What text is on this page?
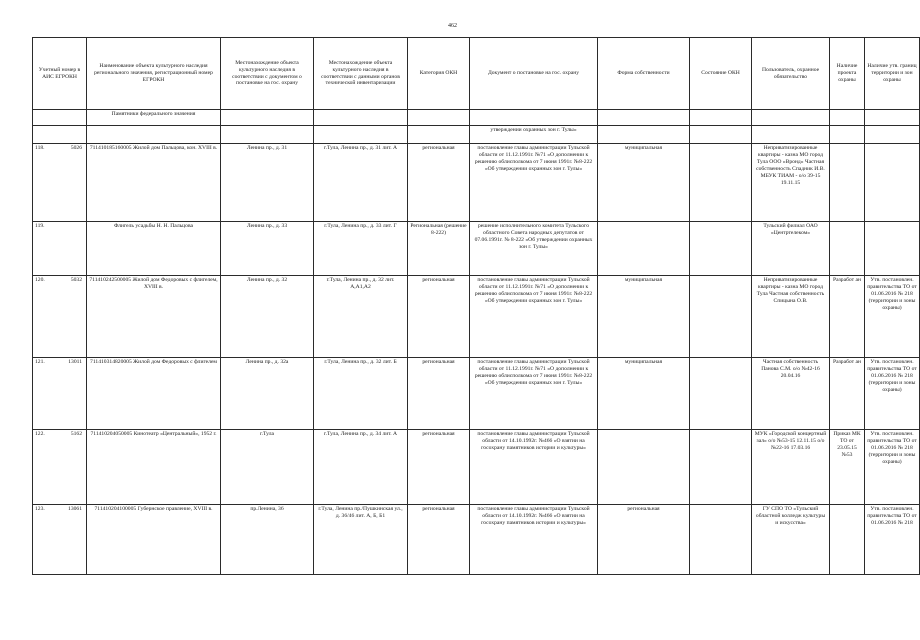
462
Учетный номер в АИС ЕГРОКН	Наименование объекта культурного наследия регионального значения, регистрационный номер ЕГРОКН	Местонахождение объекта культурного наследия в соответствии с документом о постановке на гос. охрану	Местонахождение объекта культурного наследия в соответствии с данными органов технической инвентаризации	Категория ОКН	Документ о постановке на гос. охрану	Форма собственности	Состояние ОКН	Пользователь, охранное обязательство	Наличие проекта охраны	Наличие утв. границ территории и зон охраны
	Памятники федерального значения									
					утверждении охранных зон г. Тулы»					

118. 5026	711410185160005 Жилой дом Пальцова, кон. XVIII в.	Ленина пр., д. 31	г.Тула, Ленина пр., д. 31 лит. А	региональная	постановление главы администрации Тульской области от 11.12.1991г. №71 «О дополнении к решению облисполкома от 7 июня 1991г. №8-222 «Об утверждении охранных зон г. Тулы»	муниципальная		Неприватизированные квартиры - казна МО город Тула ООО «Вронд» Частная собственность Спадник И.В. МБУК ТИАМ - о/о 39-15 19.11.15		

119.	Флигель усадьбы Н. Н. Пальцова	Ленина пр., д. 33	г.Тула, Ленина пр., д. 33 лит. Г	Региональная (решение 8-222)	решение исполнительного комитета Тульского областного Совета народных депутатов от 07.06.1991г. № 8-222 «Об утверждении охранных зон г. Тулы»			Тульский филиал ОАО «Центртелеком»		

120. 5032	711410242500005 Жилой дом Федоровых с флигелем, XVIII в.	Ленина пр., д. 32	г.Тула, Ленина пр., д. 32 лит. А,А1,А2	региональная	постановление главы администрации Тульской области от 11.12.1991г. №71 «О дополнении к решению облисполкома от 7 июня 1991г. №8-222 «Об утверждении охранных зон г. Тулы»	муниципальная		Неприватизированные квартиры - казна МО город Тула Частная собственность Спицына О.В.	Разработ ан	Утв. постановлен. правительства ТО от 01.06.2016 № 218 (территории и зоны охраны)

121. 13011	711410314820005 Жилой дом Федоровых с флигелем	Ленина пр., д. 32а	г.Тула, Ленина пр., д. 32 лит. Б	региональная	постановление главы администрации Тульской области от 11.12.1991г. №71 «О дополнении к решению облисполкома от 7 июня 1991г. №8-222 «Об утверждении охранных зон г. Тулы»	муниципальная		Частная собственность Панова С.М. о/о №42-16 20.04.16	Разработ ан	Утв. постановлен. правительства ТО от 01.06.2016 № 218 (территории и зоны охраны)

122. 5162	711410204050005 Кинотеатр «Центральный», 1952 г.	г.Тула	г.Тула, Ленина пр., д. 34 лит. А	региональная	постановление главы администрации Тульской области от 14.10.1992г. №466 «О взятии на госохрану памятников истории и культуры»			МУК «Городской концертный зал» о/о №53-15 12.11.15 о/о №22-16 17.03.16	Приказ МК ТО от 23.05.15 №53	Утв. постановлен. правительства ТО от 01.06.2016 № 218 (территории и зоны охраны)

123. 13061	711410204100005 Губернское правление, XVIII в.	пр.Ленина, 36	г.Тула, Ленина пр./Пушкинская ул., д. 36/46 лит. А, Б, Б1	региональная	постановление главы администрации Тульской области от 14.10.1992г. №466 «О взятии на госохрану памятников истории и культуры»	региональная		ГУ СПО ТО «Тульский областной колледж культуры и искусства»		Утв. постановлен. правительства ТО от 01.06.2016 № 218
